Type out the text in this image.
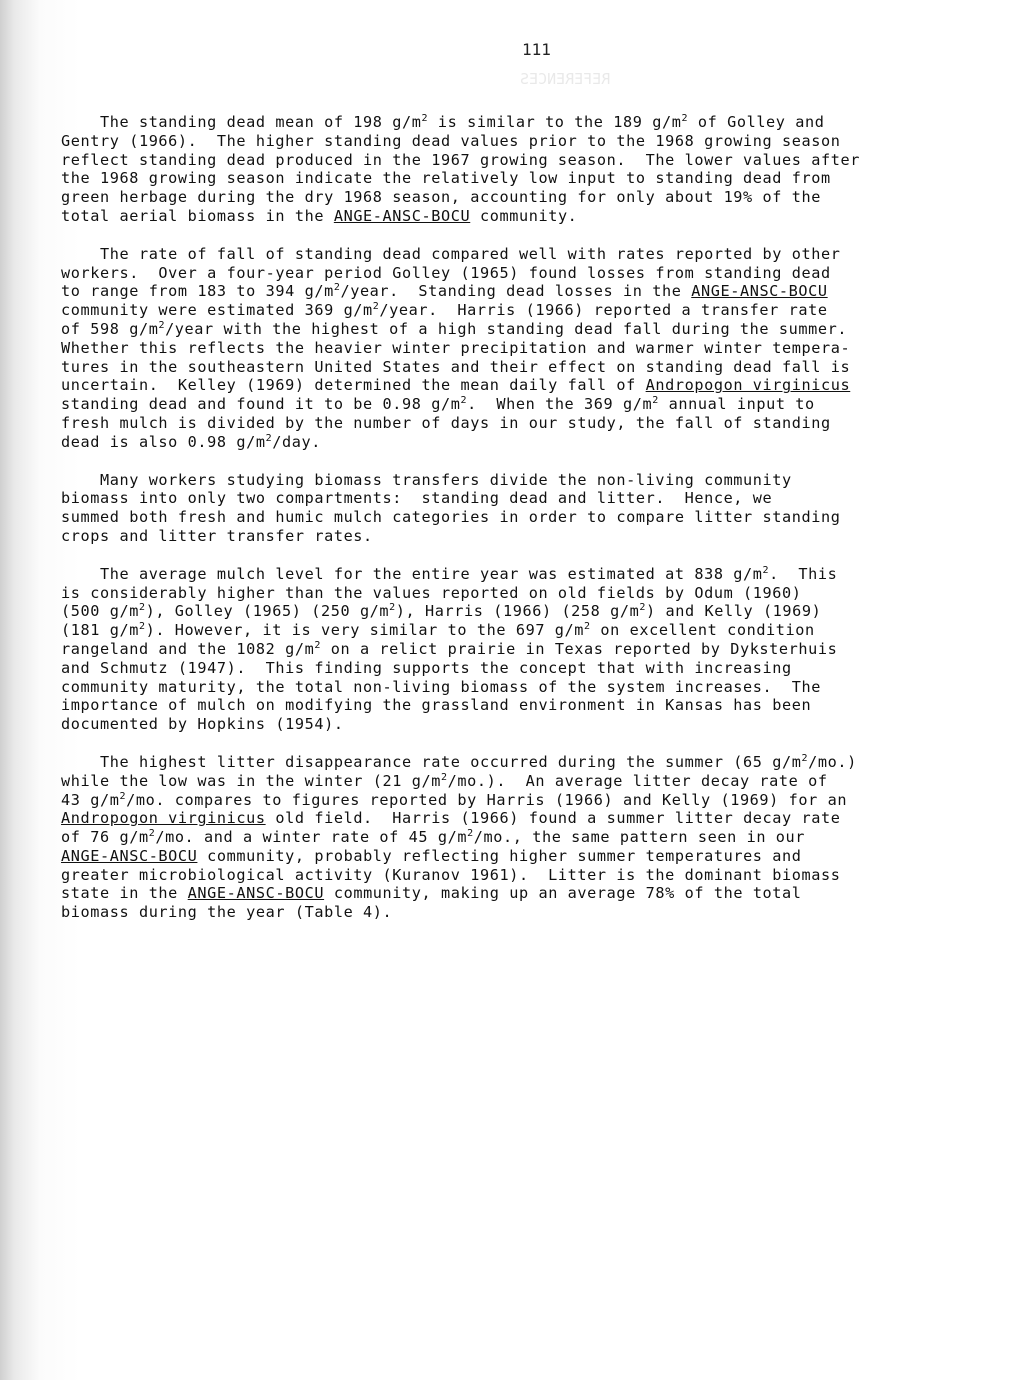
REFERENCES
111
The standing dead mean of 198 $g/m^2$ is similar to the 189 $g/m^2$ of Golley and
Gentry (1966).  The higher standing dead values prior to the 1968 growing season
reflect standing dead produced in the 1967 growing season.  The lower values after
the 1968 growing season indicate the relatively low input to standing dead from
green herbage during the dry 1968 season, accounting for only about 19% of the
total aerial biomass in the ANGE-ANSC-BOCU community.
The rate of fall of standing dead compared well with rates reported by other
workers.  Over a four-year period Golley (1965) found losses from standing dead
to range from 183 to 394 $g/m^2$/year.  Standing dead losses in the ANGE-ANSC-BOCU
community were estimated 369 $g/m^2$/year.  Harris (1966) reported a transfer rate
of 598 $g/m^2$/year with the highest of a high standing dead fall during the summer.
Whether this reflects the heavier winter precipitation and warmer winter tempera-
tures in the southeastern United States and their effect on standing dead fall is
uncertain.  Kelley (1969) determined the mean daily fall of Andropogon virginicus
standing dead and found it to be 0.98 $g/m^2$.  When the 369 $g/m^2$ annual input to
fresh mulch is divided by the number of days in our study, the fall of standing
dead is also 0.98 $g/m^2$/day.
Many workers studying biomass transfers divide the non-living community
biomass into only two compartments:  standing dead and litter.  Hence, we
summed both fresh and humic mulch categories in order to compare litter standing
crops and litter transfer rates.
The average mulch level for the entire year was estimated at 838 $g/m^2$.  This
is considerably higher than the values reported on old fields by Odum (1960)
(500 $g/m^2$), Golley (1965) (250 $g/m^2$), Harris (1966) (258 $g/m^2$) and Kelly (1969)
(181 $g/m^2$). However, it is very similar to the 697 $g/m^2$ on excellent condition
rangeland and the 1082 $g/m^2$ on a relict prairie in Texas reported by Dyksterhuis
and Schmutz (1947).  This finding supports the concept that with increasing
community maturity, the total non-living biomass of the system increases.  The
importance of mulch on modifying the grassland environment in Kansas has been
documented by Hopkins (1954).
The highest litter disappearance rate occurred during the summer (65 $g/m^2/mo$.)
while the low was in the winter (21 $g/m^2/mo$.).  An average litter decay rate of
43 $g/m^2/mo$. compares to figures reported by Harris (1966) and Kelly (1969) for an
Andropogon virginicus old field.  Harris (1966) found a summer litter decay rate
of 76 $g/m^2/mo$. and a winter rate of 45 $g/m^2/mo$., the same pattern seen in our
ANGE-ANSC-BOCU community, probably reflecting higher summer temperatures and
greater microbiological activity (Kuranov 1961).  Litter is the dominant biomass
state in the ANGE-ANSC-BOCU community, making up an average 78% of the total
biomass during the year (Table 4).
